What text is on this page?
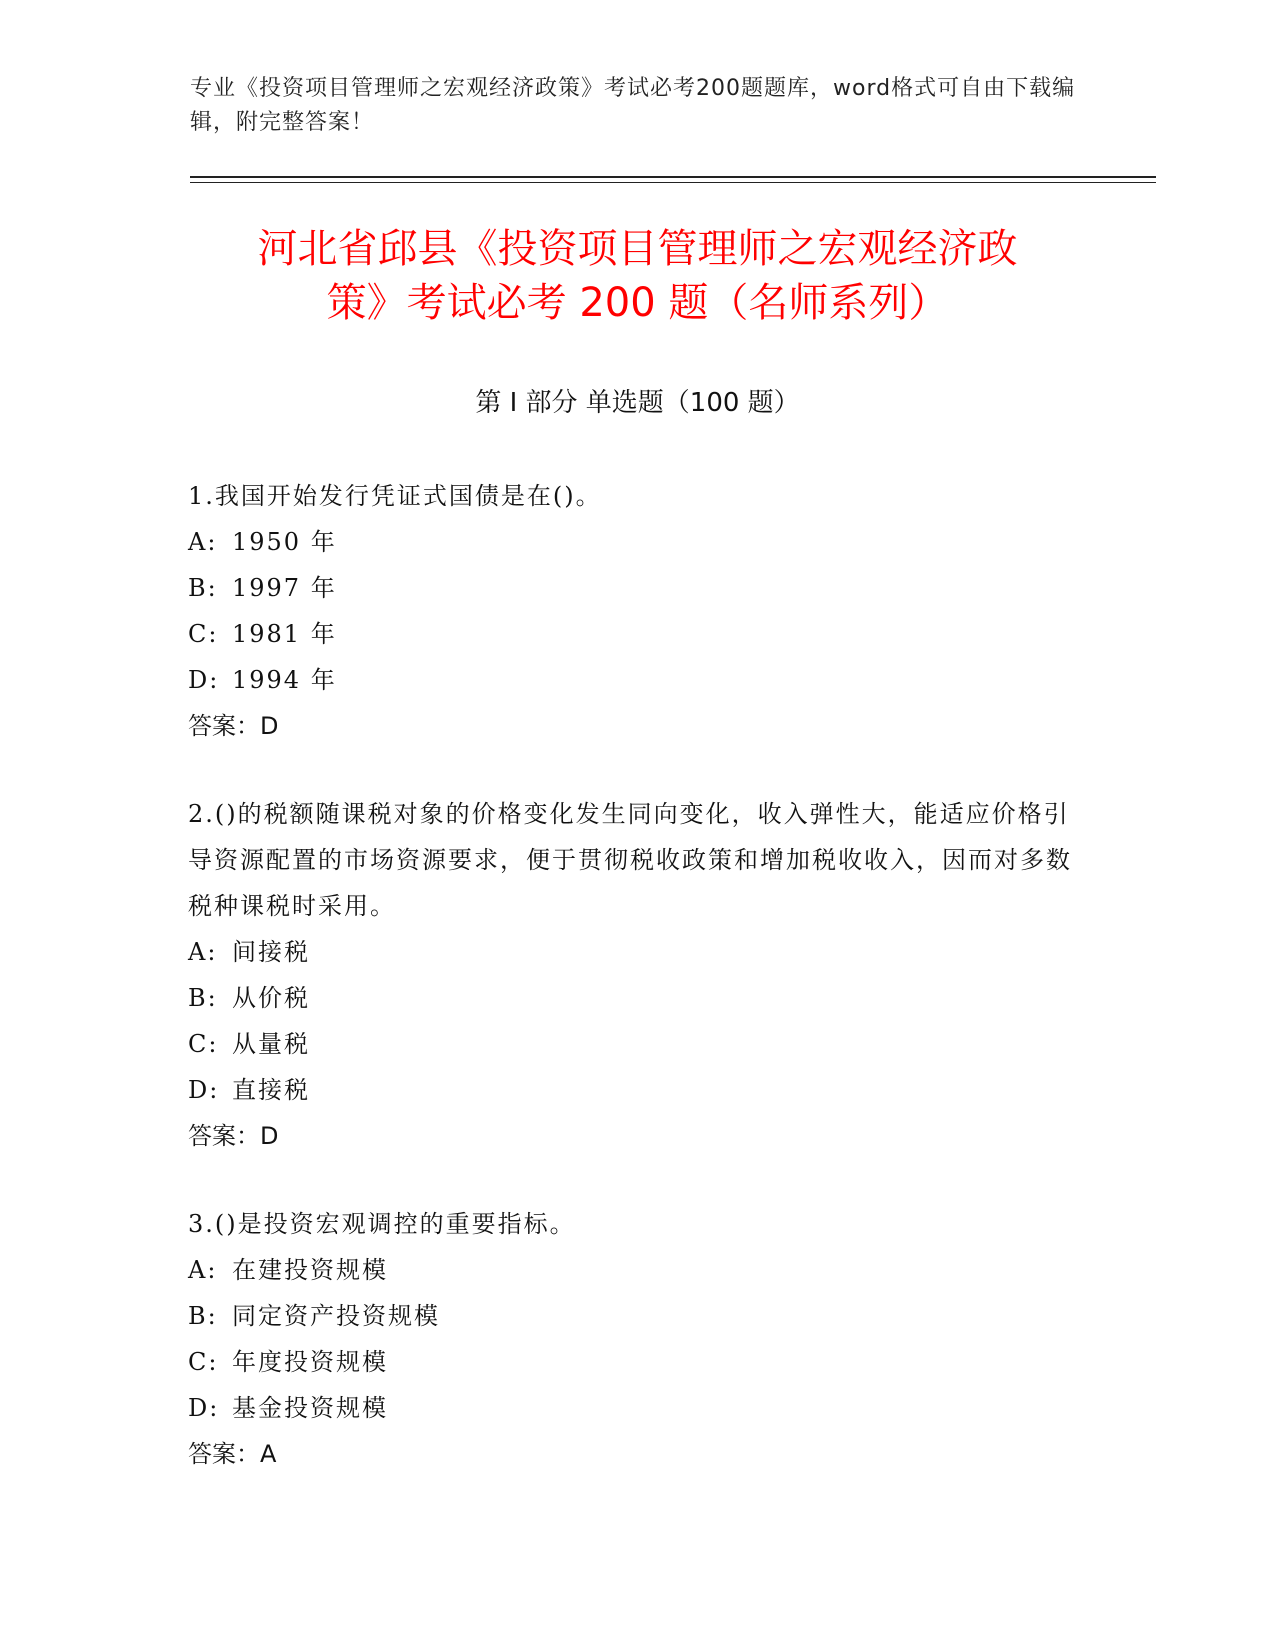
专业《投资项目管理师之宏观经济政策》考试必考200题题库，word格式可自由下载编辑，附完整答案！
河北省邱县《投资项目管理师之宏观经济政
策》考试必考 200 题（名师系列）
第 I 部分 单选题（100 题）
1.我国开始发行凭证式国债是在()。
A: 1950 年
B: 1997 年
C: 1981 年
D: 1994 年
答案：D
2.()的税额随课税对象的价格变化发生同向变化，收入弹性大，能适应价格引导资源配置的市场资源要求，便于贯彻税收政策和增加税收收入，因而对多数税种课税时采用。
A: 间接税
B: 从价税
C: 从量税
D: 直接税
答案：D
3.()是投资宏观调控的重要指标。
A: 在建投资规模
B: 同定资产投资规模
C: 年度投资规模
D: 基金投资规模
答案：A
